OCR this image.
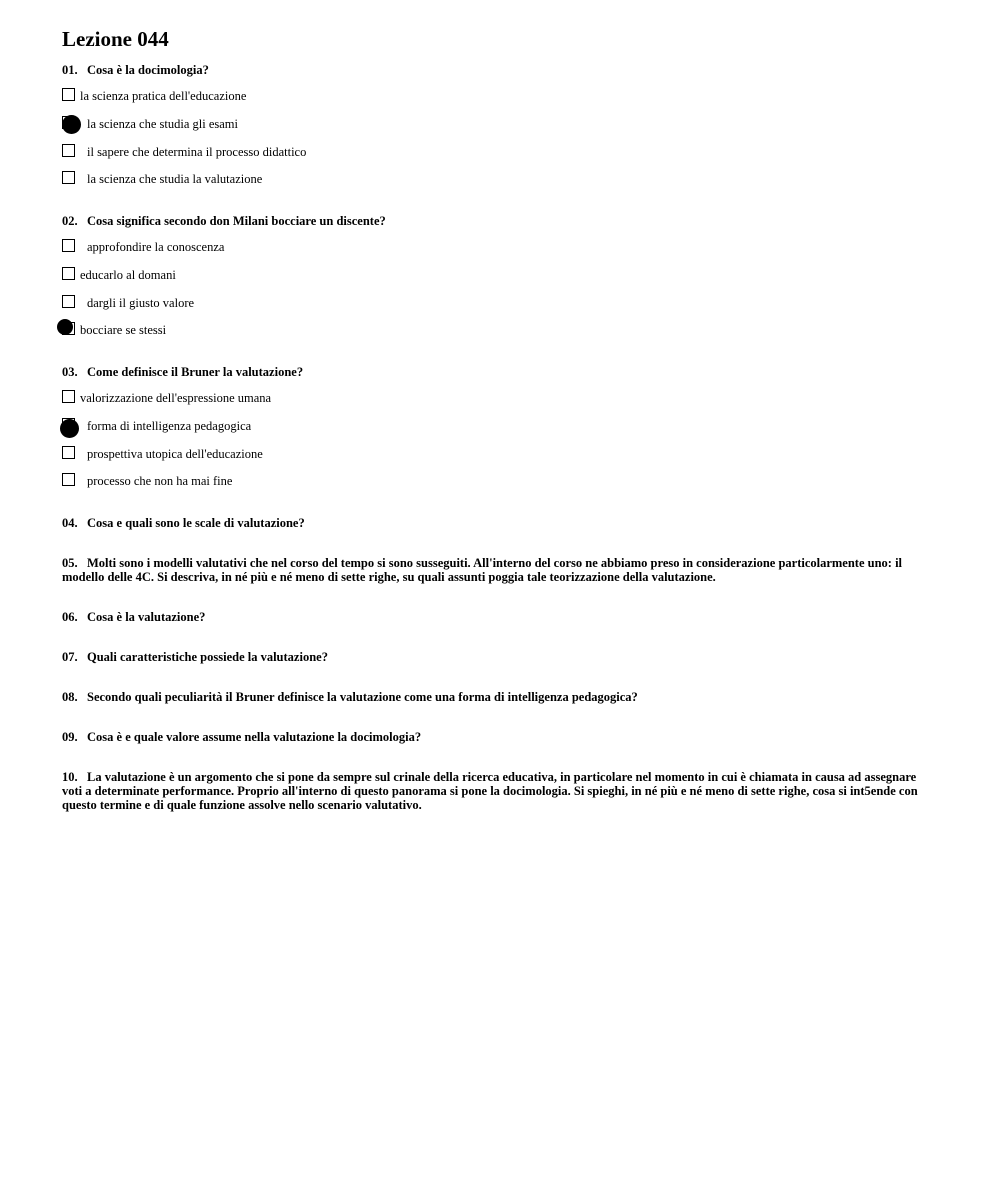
Lezione 044
01. Cosa è la docimologia?
la scienza pratica dell'educazione
la scienza che studia gli esami
il sapere che determina il processo didattico
la scienza che studia la valutazione
02. Cosa significa secondo don Milani bocciare un discente?
approfondire la conoscenza
educarlo al domani
dargli il giusto valore
bocciare se stessi
03. Come definisce il Bruner la valutazione?
valorizzazione dell'espressione umana
forma di intelligenza pedagogica
prospettiva utopica dell'educazione
processo che non ha mai fine
04. Cosa e quali sono le scale di valutazione?
05. Molti sono i modelli valutativi che nel corso del tempo si sono susseguiti. All'interno del corso ne abbiamo preso in considerazione particolarmente uno: il modello delle 4C. Si descriva, in né più e né meno di sette righe, su quali assunti poggia tale teorizzazione della valutazione.
06. Cosa è la valutazione?
07. Quali caratteristiche possiede la valutazione?
08. Secondo quali peculiarità il Bruner definisce la valutazione come una forma di intelligenza pedagogica?
09. Cosa è e quale valore assume nella valutazione la docimologia?
10. La valutazione è un argomento che si pone da sempre sul crinale della ricerca educativa, in particolare nel momento in cui è chiamata in causa ad assegnare voti a determinate performance. Proprio all'interno di questo panorama si pone la docimologia. Si spieghi, in né più e né meno di sette righe, cosa si int5ende con questo termine e di quale funzione assolve nello scenario valutativo.
